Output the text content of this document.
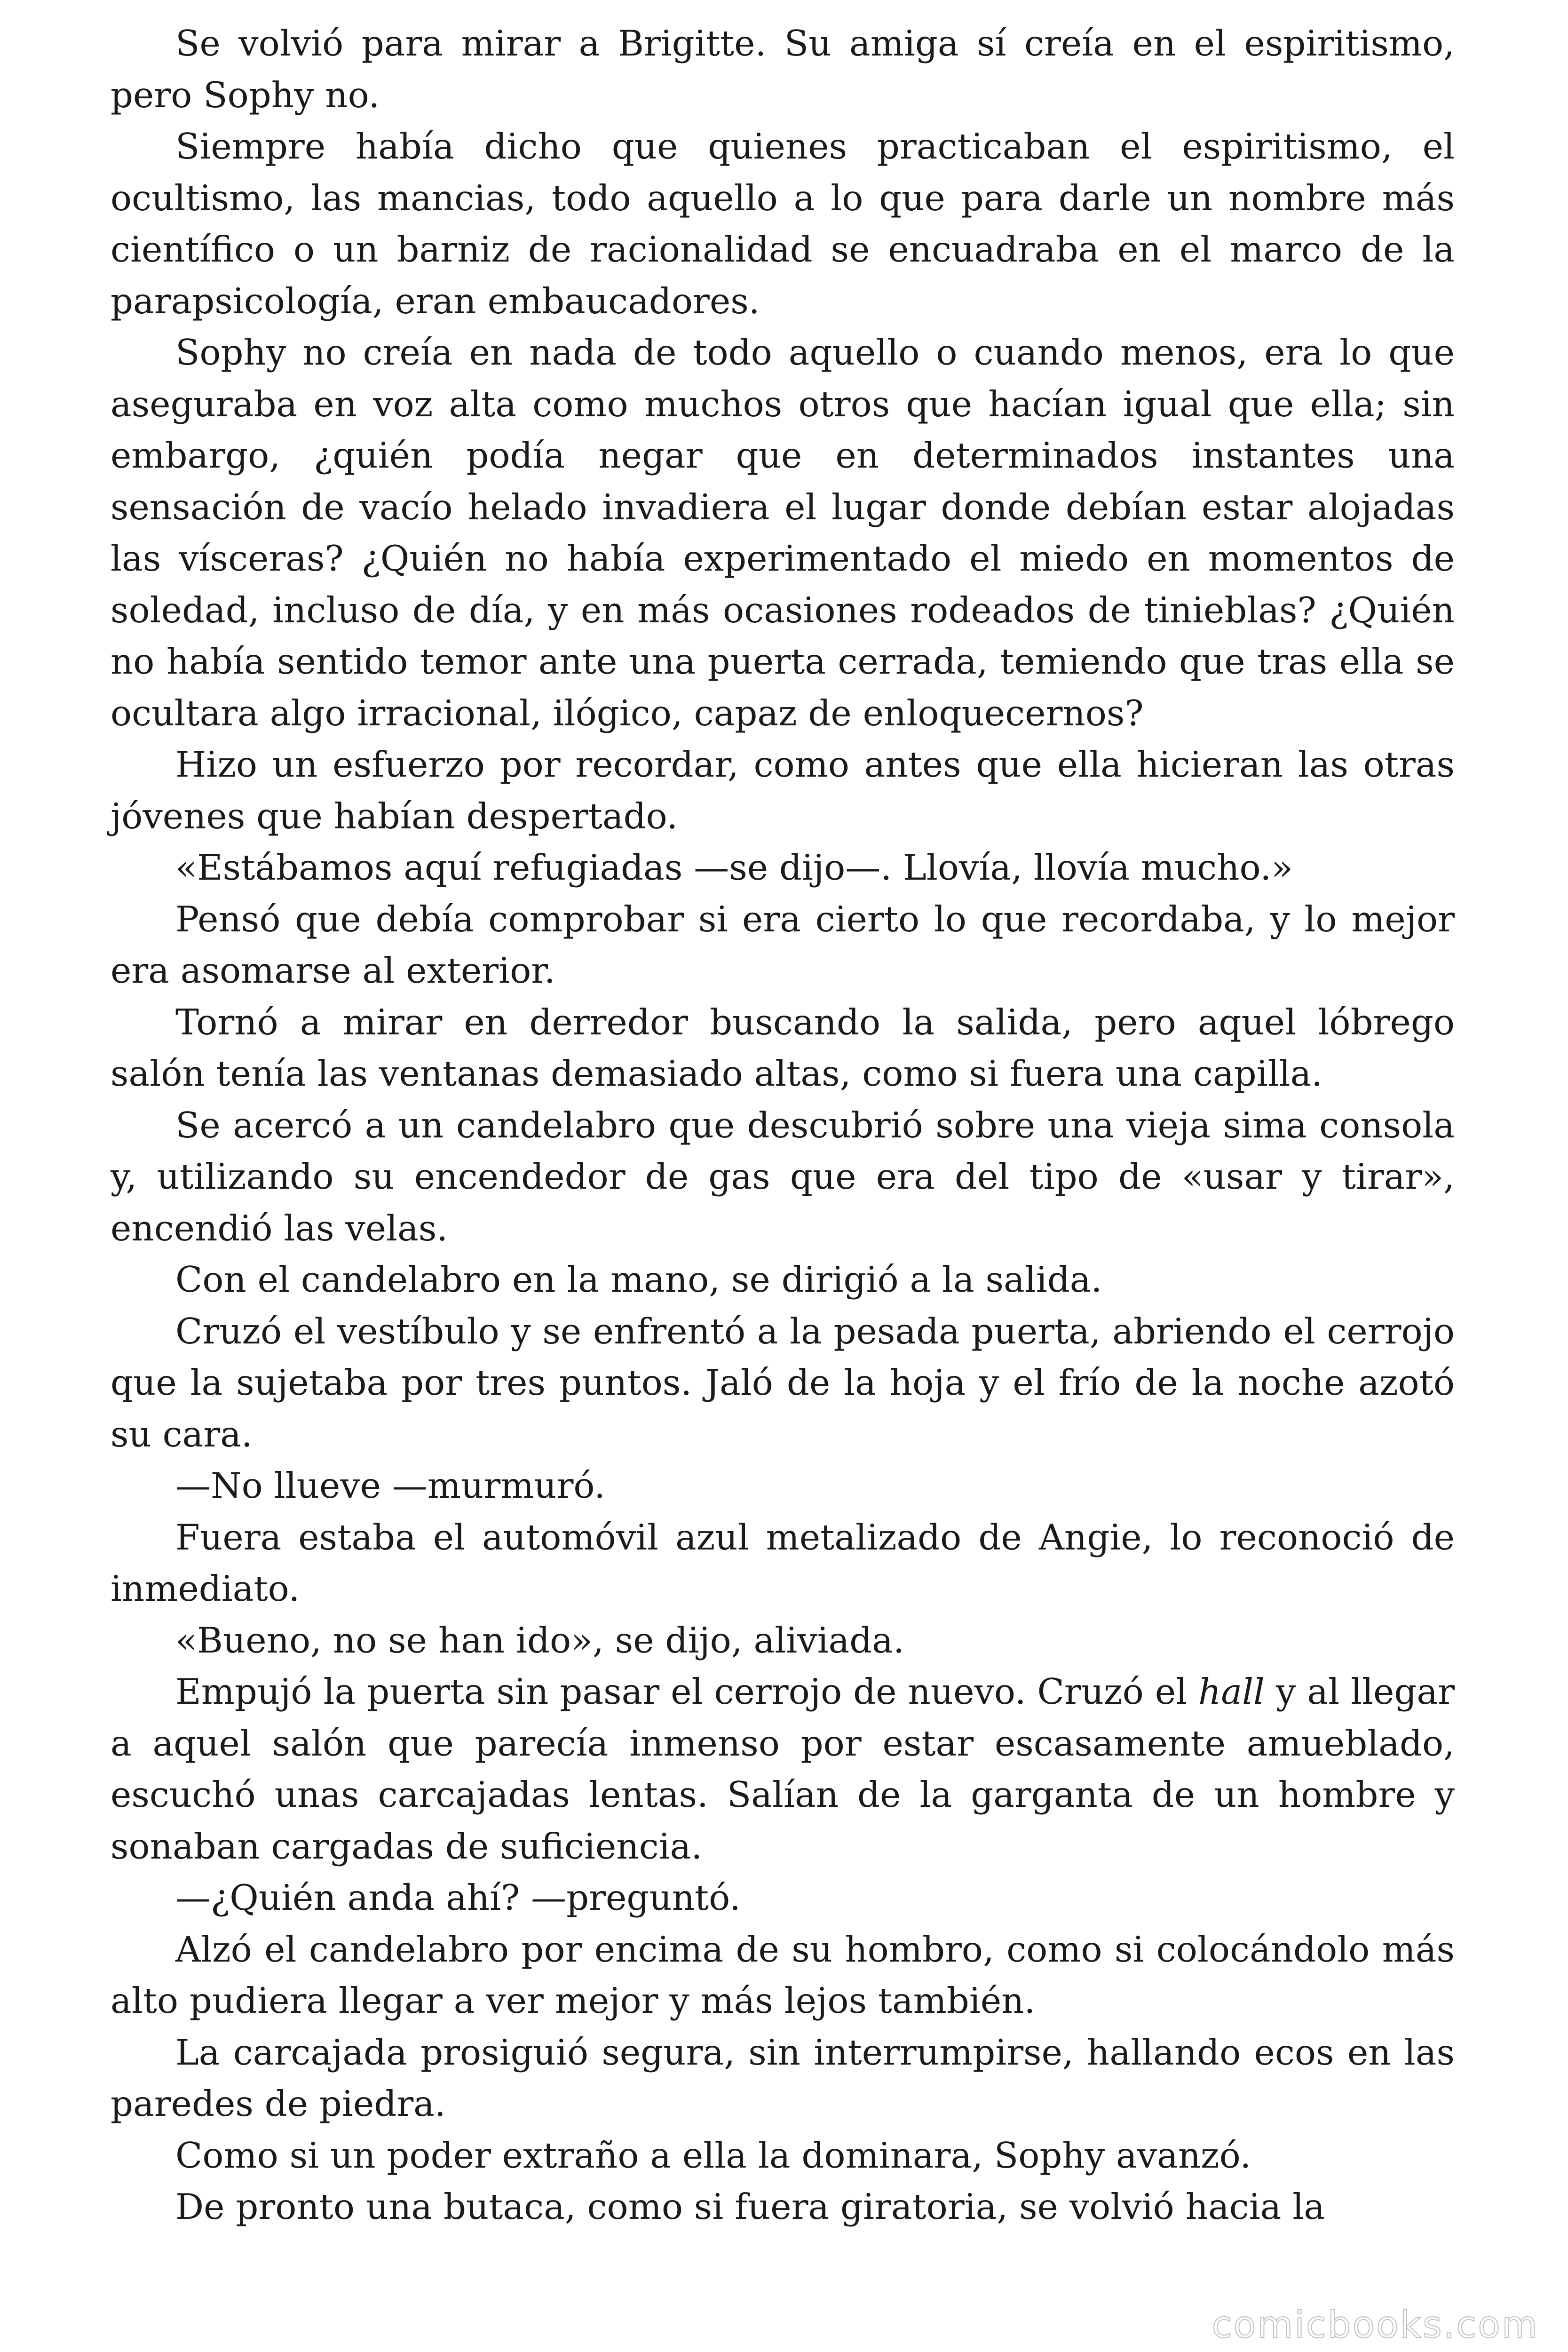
Se volvió para mirar a Brigitte. Su amiga sí creía en el espiritismo, pero Sophy no.

Siempre había dicho que quienes practicaban el espiritismo, el ocultismo, las mancias, todo aquello a lo que para darle un nombre más científico o un barniz de racionalidad se encuadraba en el marco de la parapsicología, eran embaucadores.

Sophy no creía en nada de todo aquello o cuando menos, era lo que aseguraba en voz alta como muchos otros que hacían igual que ella; sin embargo, ¿quién podía negar que en determinados instantes una sensación de vacío helado invadiera el lugar donde debían estar alojadas las vísceras? ¿Quién no había experimentado el miedo en momentos de soledad, incluso de día, y en más ocasiones rodeados de tinieblas? ¿Quién no había sentido temor ante una puerta cerrada, temiendo que tras ella se ocultara algo irracional, ilógico, capaz de enloquecernos?

Hizo un esfuerzo por recordar, como antes que ella hicieran las otras jóvenes que habían despertado.

«Estábamos aquí refugiadas —se dijo—. Llovía, llovía mucho.»

Pensó que debía comprobar si era cierto lo que recordaba, y lo mejor era asomarse al exterior.

Tornó a mirar en derredor buscando la salida, pero aquel lóbrego salón tenía las ventanas demasiado altas, como si fuera una capilla.

Se acercó a un candelabro que descubrió sobre una vieja sima consola y, utilizando su encendedor de gas que era del tipo de «usar y tirar», encendió las velas.

Con el candelabro en la mano, se dirigió a la salida.

Cruzó el vestíbulo y se enfrentó a la pesada puerta, abriendo el cerrojo que la sujetaba por tres puntos. Jaló de la hoja y el frío de la noche azotó su cara.

—No llueve —murmuró.

Fuera estaba el automóvil azul metalizado de Angie, lo reconoció de inmediato.

«Bueno, no se han ido», se dijo, aliviada.

Empujó la puerta sin pasar el cerrojo de nuevo. Cruzó el hall y al llegar a aquel salón que parecía inmenso por estar escasamente amueblado, escuchó unas carcajadas lentas. Salían de la garganta de un hombre y sonaban cargadas de suficiencia.

—¿Quién anda ahí? —preguntó.

Alzó el candelabro por encima de su hombro, como si colocándolo más alto pudiera llegar a ver mejor y más lejos también.

La carcajada prosiguió segura, sin interrumpirse, hallando ecos en las paredes de piedra.

Como si un poder extraño a ella la dominara, Sophy avanzó.

De pronto una butaca, como si fuera giratoria, se volvió hacia la

comicbooks.com
